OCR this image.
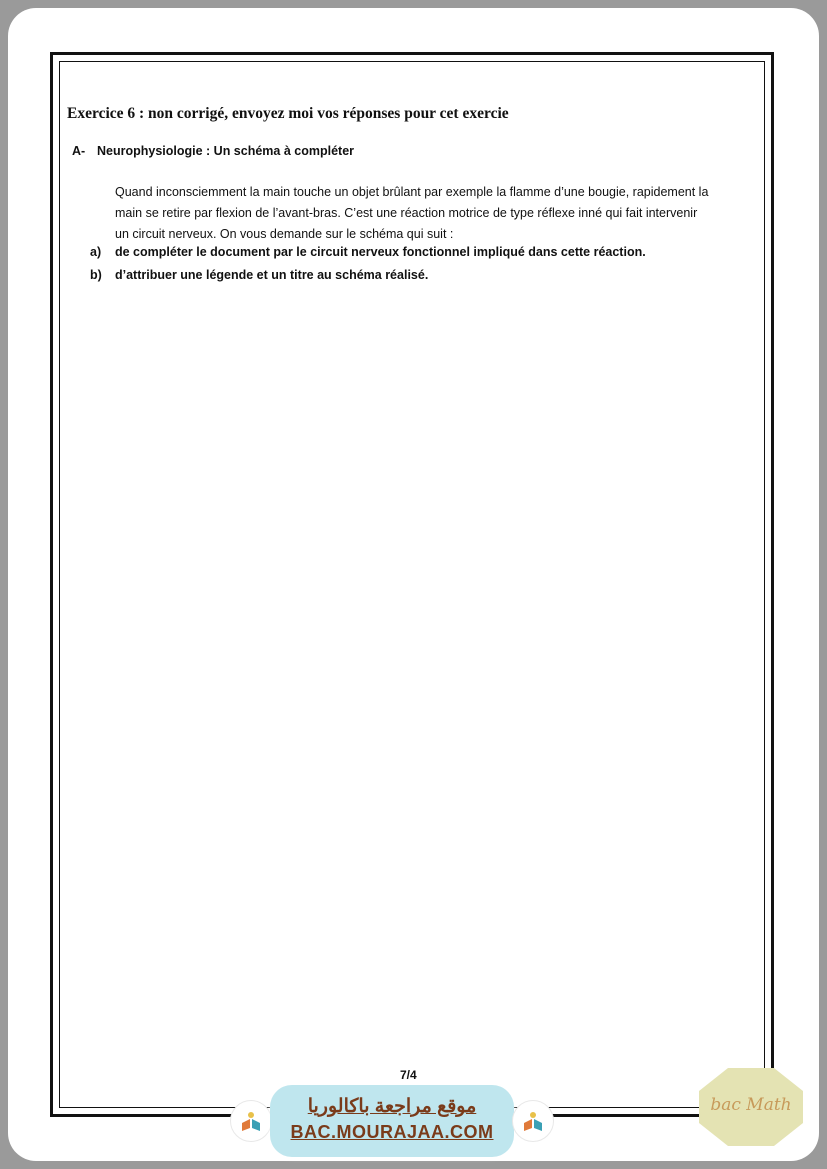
Exercice 6 : non corrigé, envoyez moi vos réponses pour cet exercie
A- Neurophysiologie : Un schéma à compléter
Quand inconsciemment la main touche un objet brûlant par exemple la flamme d’une bougie, rapidement la
main se retire par flexion de l’avant-bras. C’est une réaction motrice de type réflexe inné qui fait intervenir
un circuit nerveux. On vous demande sur le schéma qui suit :
a) de compléter le document par le circuit nerveux fonctionnel impliqué dans cette réaction.
b) d’attribuer une légende et un titre au schéma réalisé.
7/4
موقع مراجعة باكالوريا
BAC.MOURAJAA.COM
bac Math
